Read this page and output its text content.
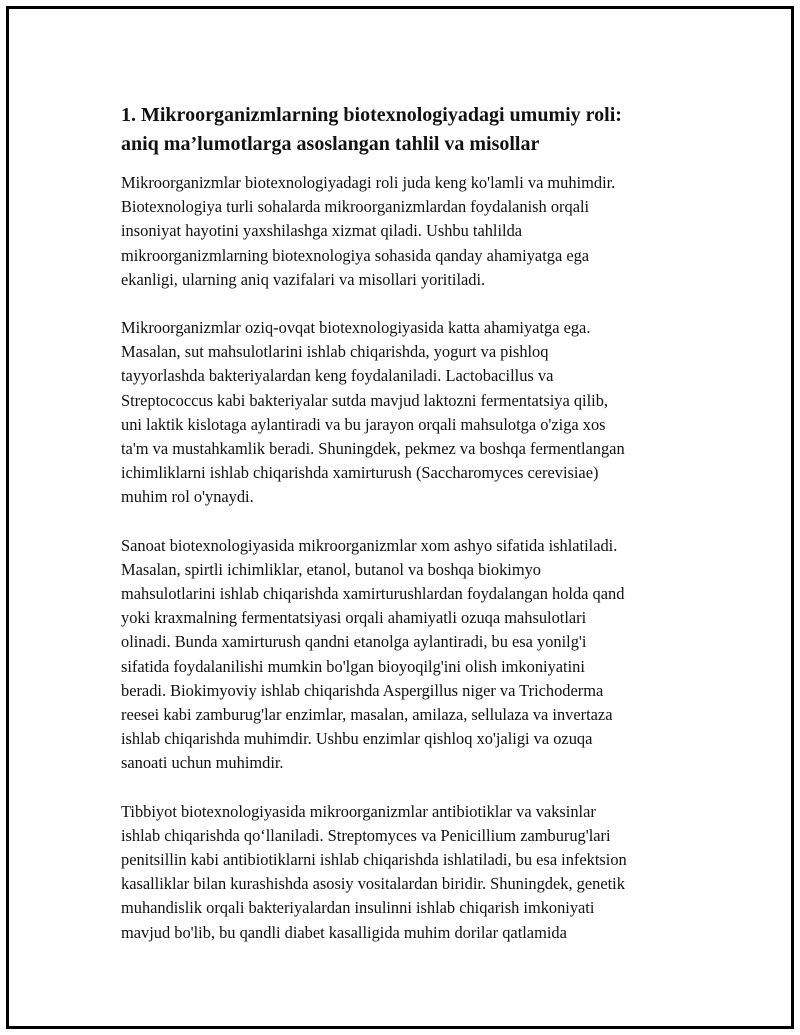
1. Mikroorganizmlarning biotexnologiyadagi umumiy roli:
aniq ma’lumotlarga asoslangan tahlil va misollar

Mikroorganizmlar biotexnologiyadagi roli juda keng ko'lamli va muhimdir.
Biotexnologiya turli sohalarda mikroorganizmlardan foydalanish orqali
insoniyat hayotini yaxshilashga xizmat qiladi. Ushbu tahlilda
mikroorganizmlarning biotexnologiya sohasida qanday ahamiyatga ega
ekanligi, ularning aniq vazifalari va misollari yoritiladi.

Mikroorganizmlar oziq-ovqat biotexnologiyasida katta ahamiyatga ega.
Masalan, sut mahsulotlarini ishlab chiqarishda, yogurt va pishloq
tayyorlashda bakteriyalardan keng foydalaniladi. Lactobacillus va
Streptococcus kabi bakteriyalar sutda mavjud laktozni fermentatsiya qilib,
uni laktik kislotaga aylantiradi va bu jarayon orqali mahsulotga o'ziga xos
ta'm va mustahkamlik beradi. Shuningdek, pekmez va boshqa fermentlangan
ichimliklarni ishlab chiqarishda xamirturush (Saccharomyces cerevisiae)
muhim rol o'ynaydi.

Sanoat biotexnologiyasida mikroorganizmlar xom ashyo sifatida ishlatiladi.
Masalan, spirtli ichimliklar, etanol, butanol va boshqa biokimyo
mahsulotlarini ishlab chiqarishda xamirturushlardan foydalangan holda qand
yoki kraxmalning fermentatsiyasi orqali ahamiyatli ozuqa mahsulotlari
olinadi. Bunda xamirturush qandni etanolga aylantiradi, bu esa yonilg'i
sifatida foydalanilishi mumkin bo'lgan bioyoqilg'ini olish imkoniyatini
beradi. Biokimyoviy ishlab chiqarishda Aspergillus niger va Trichoderma
reesei kabi zamburug'lar enzimlar, masalan, amilaza, sellulaza va invertaza
ishlab chiqarishda muhimdir. Ushbu enzimlar qishloq xo'jaligi va ozuqa
sanoati uchun muhimdir.

Tibbiyot biotexnologiyasida mikroorganizmlar antibiotiklar va vaksinlar
ishlab chiqarishda qo‘llaniladi. Streptomyces va Penicillium zamburug'lari
penitsillin kabi antibiotiklarni ishlab chiqarishda ishlatiladi, bu esa infektsion
kasalliklar bilan kurashishda asosiy vositalardan biridir. Shuningdek, genetik
muhandislik orqali bakteriyalardan insulinni ishlab chiqarish imkoniyati
mavjud bo'lib, bu qandli diabet kasalligida muhim dorilar qatlamida
